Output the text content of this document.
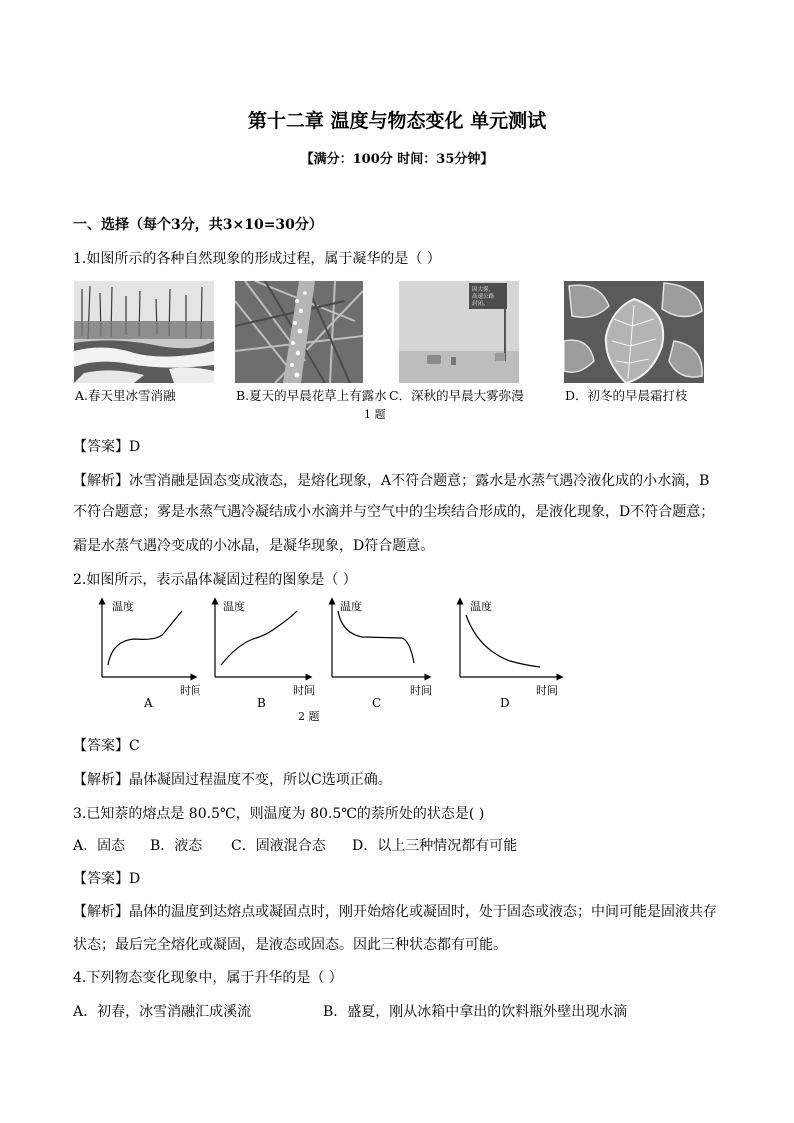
第十二章 温度与物态变化 单元测试
【满分：100分 时间：35分钟】
一、选择（每个3分，共3×10=30分）
1.如图所示的各种自然现象的形成过程，属于凝华的是（ ）
因大雾,
高速公路
封闭。
A.春天里冰雪消融	B.夏天的早晨花草上有露水 C．深秋的早晨大雾弥漫	D．初冬的早晨霜打枝
1 题
【答案】D
【解析】冰雪消融是固态变成液态，是熔化现象，A不符合题意；露水是水蒸气遇冷液化成的小水滴，B
不符合题意；雾是水蒸气遇冷凝结成小水滴并与空气中的尘埃结合形成的，是液化现象，D不符合题意；
霜是水蒸气遇冷变成的小冰晶，是凝华现象，D符合题意。
2.如图所示，表示晶体凝固过程的图象是（ ）
温度
时间
A
温度
时间
B
温度
时间
C
温度
时间
D
2 题
【答案】C
【解析】晶体凝固过程温度不变，所以C选项正确。
3.已知萘的熔点是 80.5℃，则温度为 80.5℃的萘所处的状态是( )
A．固态 B．液态 C．固液混合态 D．以上三种情况都有可能
【答案】D
【解析】晶体的温度到达熔点或凝固点时，刚开始熔化或凝固时，处于固态或液态；中间可能是固液共存
状态；最后完全熔化或凝固，是液态或固态。因此三种状态都有可能。
4.下列物态变化现象中，属于升华的是（ ）
A．初春，冰雪消融汇成溪流	B．盛夏，刚从冰箱中拿出的饮料瓶外壁出现水滴
